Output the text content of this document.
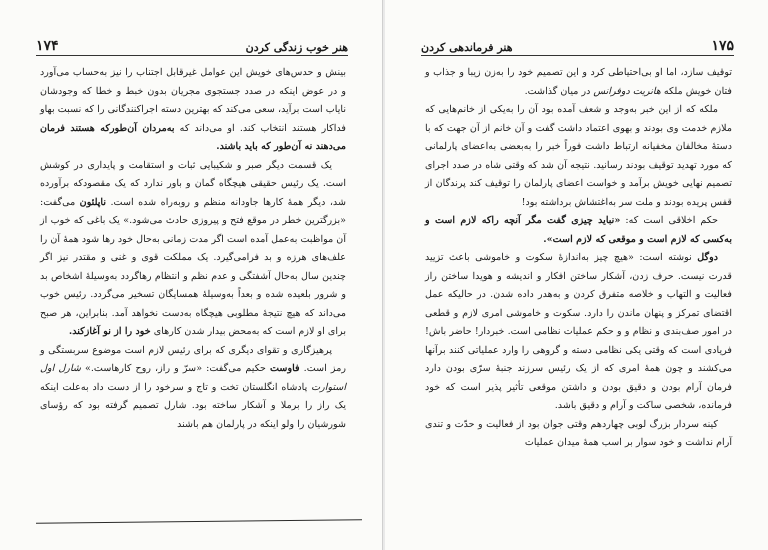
هنر خوب زندگی کردن
۱۷۴

بینش و حدس‌های خویش این عوامل غیرقابل اجتناب را نیز به‌حساب می‌آورد و در عوض اینکه در صدد جستجوی مجریان بدون خبط و خطا که وجودشان نایاب است برآید، سعی می‌کند که بهترین دسته اجراکنندگانی را که نسبت بهاو فداکار هستند انتخاب کند. او می‌داند که به‌مردان آن‌طورکه هستند فرمان می‌دهند نه آن‌طور که باید باشند.

یک قسمت دیگر صبر و شکیبایی ثبات و استقامت و پایداری در کوشش است. یک رئیس حقیقی هیچگاه گمان و باور ندارد که یک مقصودکه برآورده شد، دیگر همهٔ کارها جاودانه منظم و روبه‌راه شده است. ناپلئون می‌گفت: «بزرگترین خطر در موقع فتح و پیروزی حادث می‌شود.» یک باغی که خوب از آن مواظبت به‌عمل آمده است اگر مدت زمانی به‌حال خود رها شود همهٔ آن را علف‌های هرزه و بد فرامی‌گیرد. یک مملکت قوی و غنی و مقتدر نیز اگر چندین سال به‌حال آشفتگی و عدم نظم و انتظام رهاگردد به‌وسیلهٔ اشخاص بد و شرور بلعیده شده و بعداً به‌وسیلهٔ همسایگان تسخیر می‌گردد. رئیس خوب می‌داند که هیچ نتیجهٔ مطلوبی هیچگاه به‌دست نخواهد آمد. بنابراین، هر صبح برای او لازم است که به‌محض بیدار شدن کارهای خود را از نو آغازکند.

پرهیزگاری و تقوای دیگری که برای رئیس لازم است موضوع سربستگی و رمز است. فاوست حکیم می‌گفت: «سرّ و راز، روح کارهاست.» شارل اول استوارت پادشاه انگلستان تخت و تاج و سرخود را از دست داد به‌علت اینکه یک راز را برملا و آشکار ساخته بود. شارل تصمیم گرفته بود که رؤسای شورشیان را ولو اینکه در پارلمان هم باشند

۱۷۵
هنر فرماندهی کردن

توقیف سازد، اما او بی‌احتیاطی کرد و این تصمیم خود را به‌زن زیبا و جذاب و فتان خویش ملکه هانریت دوفرانس در میان گذاشت.

ملکه که از این خبر به‌وجد و شعف آمده بود آن را به‌یکی از خانم‌هایی که ملازم خدمت وی بودند و بهوی اعتماد داشت گفت و آن خانم از آن جهت که با دستهٔ مخالفان مخفیانه ارتباط داشت فوراً خبر را به‌بعضی به‌اعضای پارلمانی که مورد تهدید توقیف بودند رسانید. نتیجه آن شد که وقتی شاه در صدد اجرای تصمیم نهایی خویش برآمد و خواست اعضای پارلمان را توقیف کند پرندگان از قفس پریده بودند و ملت سر به‌اغتشاش برداشته بود!

حکم اخلاقی است که: «نباید چیزی گفت مگر آنچه راکه لازم است و به‌کسی که لازم است و موقعی که لازم است».

دوگل نوشته است: «هیچ چیز به‌اندازهٔ سکوت و خاموشی باعث تزیید قدرت نیست. حرف زدن، آشکار ساختن افکار و اندیشه و هویدا ساختن راز فعالیت و التهاب و خلاصه متفرق کردن و به‌هدر داده شدن. در حالیکه عمل اقتضای تمرکز و پنهان ماندن را دارد. سکوت و خاموشی امری لازم و قطعی در امور صف‌بندی و نظام و و حکم عملیات نظامی است. خبردار! حاضر باش! فریادی است که وقتی یکی نظامی دسته و گروهی را وارد عملیاتی کنند برآنها می‌کشند و چون همهٔ امری که از یک رئیس سرزند جنبهٔ سرّی بودن دارد فرمان آرام بودن و دقیق بودن و داشتن موقعی تأثیر پذیر است که خود فرمانده، شخصی ساکت و آرام و دقیق باشد.

کینه سردار بزرگ لوبی چهاردهم وقتی جوان بود از فعالیت و حدّت و تندی آرام نداشت و خود سوار بر اسب همهٔ میدان عملیات
